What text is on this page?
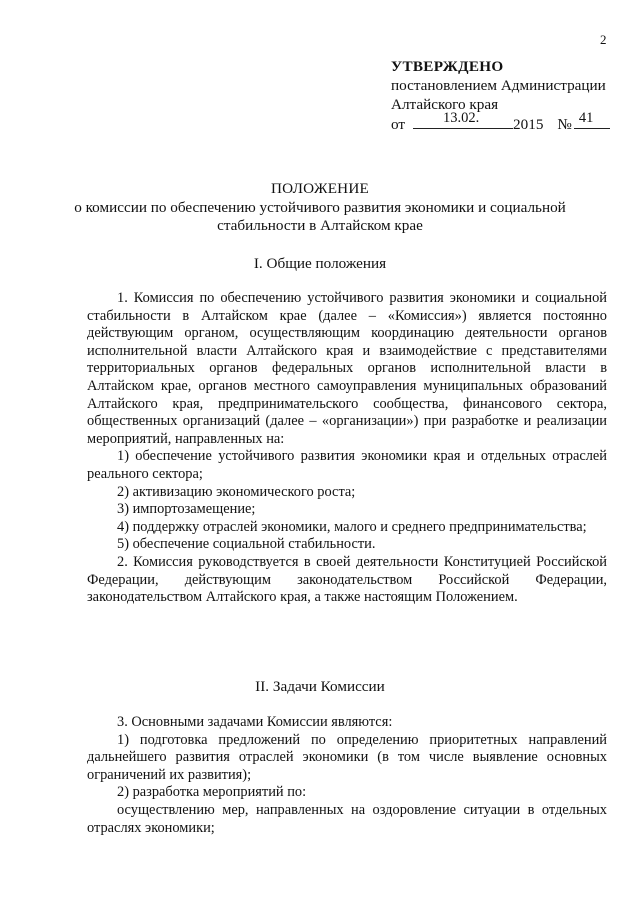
2
УТВЕРЖДЕНО
постановлением Администрации
Алтайского края
от	13.02. 2015 № 41
ПОЛОЖЕНИЕ
о комиссии по обеспечению устойчивого развития экономики и социальной стабильности в Алтайском крае
I. Общие положения

1. Комиссия по обеспечению устойчивого развития экономики и социальной стабильности в Алтайском крае (далее – «Комиссия») является постоянно действующим органом, осуществляющим координацию деятельности органов исполнительной власти Алтайского края и взаимодействие с представителями территориальных органов федеральных органов исполнительной власти в Алтайском крае, органов местного самоуправления муниципальных образований Алтайского края, предпринимательского сообщества, финансового сектора, общественных организаций (далее – «организации») при разработке и реализации мероприятий, направленных на:

1) обеспечение устойчивого развития экономики края и отдельных отраслей реального сектора;

2) активизацию экономического роста;

3) импортозамещение;

4) поддержку отраслей экономики, малого и среднего предпринимательства;

5) обеспечение социальной стабильности.

2. Комиссия руководствуется в своей деятельности Конституцией Российской Федерации, действующим законодательством Российской Федерации, законодательством Алтайского края, а также настоящим Положением.

II. Задачи Комиссии

3. Основными задачами Комиссии являются:

1) подготовка предложений по определению приоритетных направлений дальнейшего развития отраслей экономики (в том числе выявление основных ограничений их развития);

2) разработка мероприятий по:

осуществлению мер, направленных на оздоровление ситуации в отдельных отраслях экономики;
